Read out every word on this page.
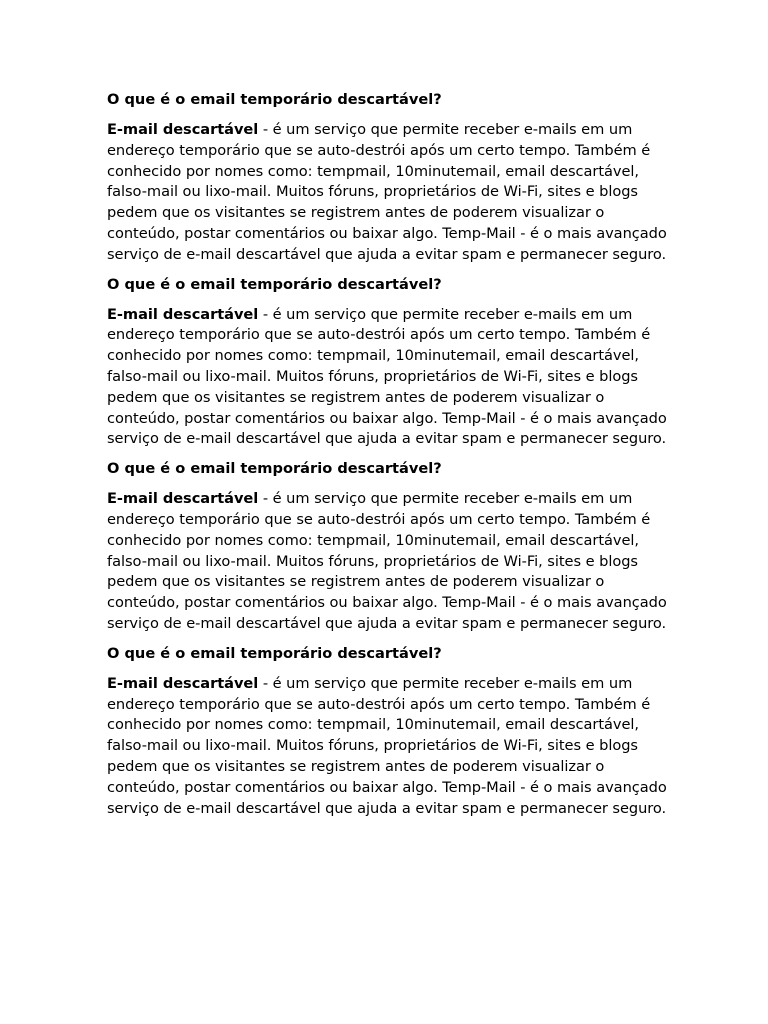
O que é o email temporário descartável?

E-mail descartável - é um serviço que permite receber e-mails em um endereço temporário que se auto-destrói após um certo tempo. Também é conhecido por nomes como: tempmail, 10minutemail, email descartável, falso-mail ou lixo-mail. Muitos fóruns, proprietários de Wi-Fi, sites e blogs pedem que os visitantes se registrem antes de poderem visualizar o conteúdo, postar comentários ou baixar algo. Temp-Mail - é o mais avançado serviço de e-mail descartável que ajuda a evitar spam e permanecer seguro.

O que é o email temporário descartável?

E-mail descartável - é um serviço que permite receber e-mails em um endereço temporário que se auto-destrói após um certo tempo. Também é conhecido por nomes como: tempmail, 10minutemail, email descartável, falso-mail ou lixo-mail. Muitos fóruns, proprietários de Wi-Fi, sites e blogs pedem que os visitantes se registrem antes de poderem visualizar o conteúdo, postar comentários ou baixar algo. Temp-Mail - é o mais avançado serviço de e-mail descartável que ajuda a evitar spam e permanecer seguro.

O que é o email temporário descartável?

E-mail descartável - é um serviço que permite receber e-mails em um endereço temporário que se auto-destrói após um certo tempo. Também é conhecido por nomes como: tempmail, 10minutemail, email descartável, falso-mail ou lixo-mail. Muitos fóruns, proprietários de Wi-Fi, sites e blogs pedem que os visitantes se registrem antes de poderem visualizar o conteúdo, postar comentários ou baixar algo. Temp-Mail - é o mais avançado serviço de e-mail descartável que ajuda a evitar spam e permanecer seguro.

O que é o email temporário descartável?

E-mail descartável - é um serviço que permite receber e-mails em um endereço temporário que se auto-destrói após um certo tempo. Também é conhecido por nomes como: tempmail, 10minutemail, email descartável, falso-mail ou lixo-mail. Muitos fóruns, proprietários de Wi-Fi, sites e blogs pedem que os visitantes se registrem antes de poderem visualizar o conteúdo, postar comentários ou baixar algo. Temp-Mail - é o mais avançado serviço de e-mail descartável que ajuda a evitar spam e permanecer seguro.
